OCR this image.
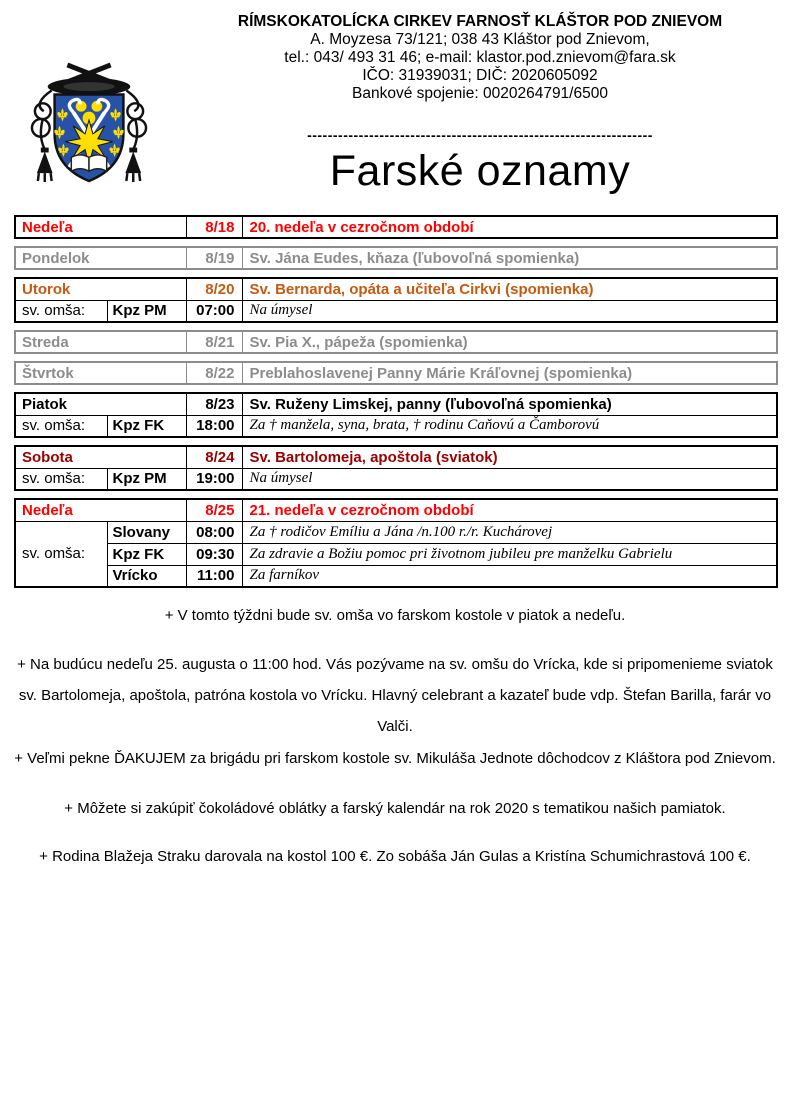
RÍMSKOKATOLÍCKA CIRKEV FARNOSŤ KLÁŠTOR POD ZNIEVOM
A. Moyzesa 73/121; 038 43 Kláštor pod Znievom,
tel.: 043/ 493 31 46; e-mail: klastor.pod.znievom@fara.sk
IČO: 31939031; DIČ: 2020605092
Bankové spojenie: 0020264791/6500
-------------------------------------------------------------------
Farské oznamy
Nedeľa	8/18	20. nedeľa v cezročnom období
Pondelok	8/19	Sv. Jána Eudes, kňaza (ľubovoľná spomienka)
Utorok		8/20	Sv. Bernarda, opáta a učiteľa Cirkvi (spomienka)
sv. omša:	Kpz PM	07:00	Na úmysel
Streda	8/21	Sv. Pia X., pápeža (spomienka)
Štvrtok	8/22	Preblahoslavenej Panny Márie Kráľovnej (spomienka)
Piatok		8/23	Sv. Ruženy Limskej, panny (ľubovoľná spomienka)
sv. omša:	Kpz FK	18:00	Za † manžela, syna, brata, † rodinu Caňovú a Čamborovú
Sobota		8/24	Sv. Bartolomeja, apoštola (sviatok)
sv. omša:	Kpz PM	19:00	Na úmysel
Nedeľa		8/25	21. nedeľa v cezročnom období
sv. omša:	Slovany	08:00	Za † rodičov Emíliu a Jána /n.100 r./r. Kuchárovej
	Kpz FK	09:30	Za zdravie a Božiu pomoc pri životnom jubileu pre manželku Gabrielu
	Vrícko	11:00	Za farníkov

+ V tomto týždni bude sv. omša vo farskom kostole v piatok a nedeľu.

+ Na budúcu nedeľu 25. augusta o 11:00 hod. Vás pozývame na sv. omšu do Vrícka, kde si pripomenieme sviatok sv. Bartolomeja, apoštola, patróna kostola vo Vrícku. Hlavný celebrant a kazateľ bude vdp. Štefan Barilla, farár vo Valči.

+ Veľmi pekne ĎAKUJEM za brigádu pri farskom kostole sv. Mikuláša Jednote dôchodcov z Kláštora pod Znievom.

+ Môžete si zakúpiť čokoládové oblátky a farský kalendár na rok 2020 s tematikou našich pamiatok.

+ Rodina Blažeja Straku darovala na kostol 100 €. Zo sobáša Ján Gulas a Kristína Schumichrastová 100 €.
